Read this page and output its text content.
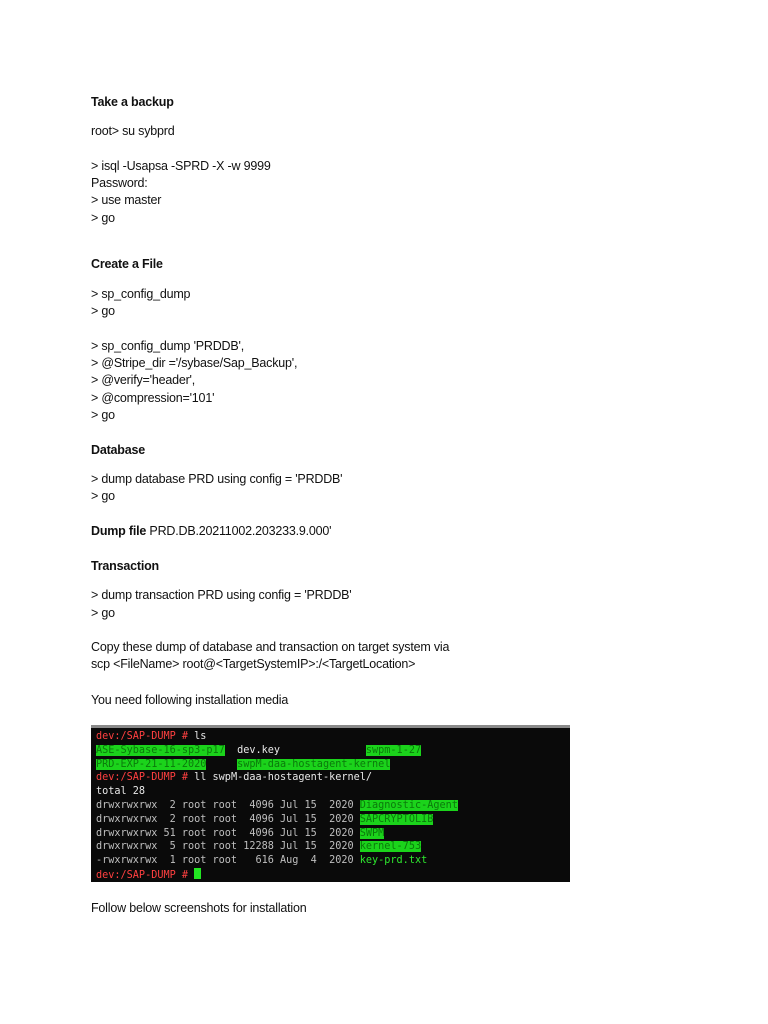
Take a backup
root> su sybprd
> isql -Usapsa -SPRD -X -w 9999
Password:
> use master
> go
Create a File
> sp_config_dump
> go
> sp_config_dump 'PRDDB',
> @Stripe_dir ='/sybase/Sap_Backup',
> @verify='header',
> @compression='101'
> go
Database
> dump database PRD using config = 'PRDDB'
> go
Dump file PRD.DB.20211002.203233.9.000'
Transaction
> dump transaction PRD using config = 'PRDDB'
> go
Copy these dump of database and transaction on target system via
scp <FileName> root@<TargetSystemIP>:/<TargetLocation>
You need following installation media
dev:/SAP-DUMP # ls
ASE-Sybase-16-sp3-p17  dev.key              swpm-1-27
PRD-EXP-21-11-2020	swpM-daa-hostagent-kernel
dev:/SAP-DUMP # ll swpM-daa-hostagent-kernel/
total 28
drwxrwxrwx  2 root root  4096 Jul 15  2020 Diagnostic-Agent
drwxrwxrwx  2 root root  4096 Jul 15  2020 SAPCRYPTOLIB
drwxrwxrwx 51 root root  4096 Jul 15  2020 SWPM
drwxrwxrwx  5 root root 12288 Jul 15  2020 kernel-753
-rwxrwxrwx  1 root root   616 Aug  4  2020 key-prd.txt
dev:/SAP-DUMP #
Follow below screenshots for installation
